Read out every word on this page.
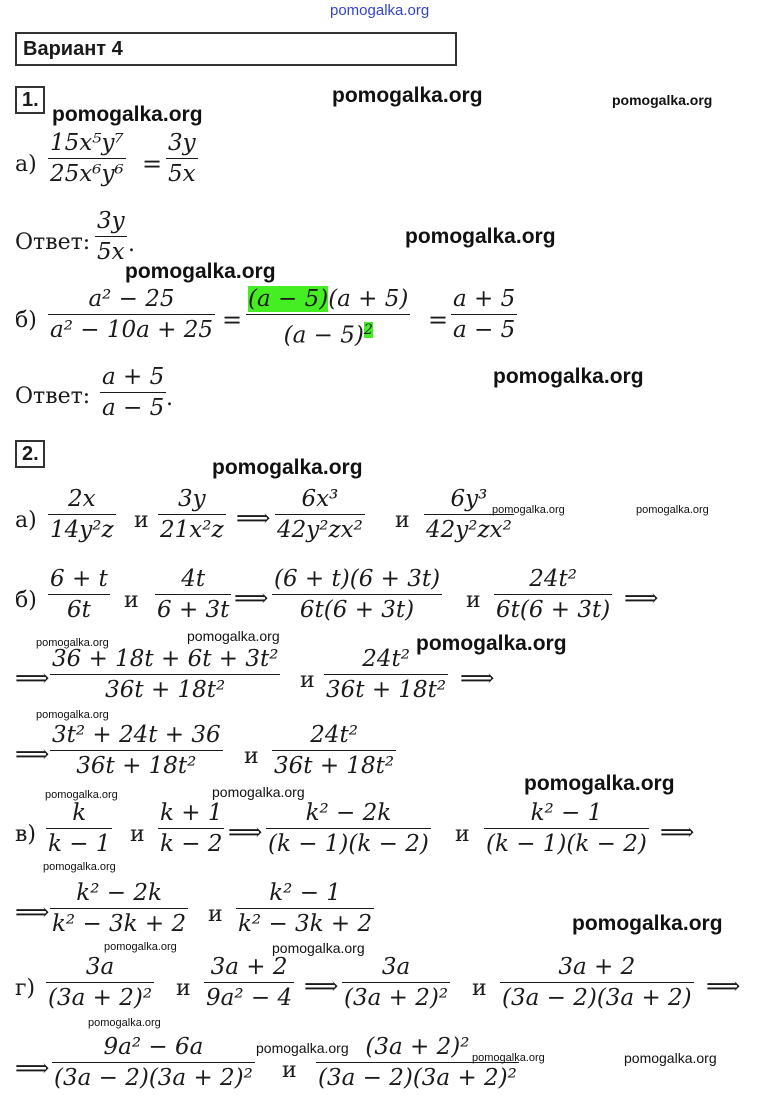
pomogalka.org
pomogalka.org	pomogalka.org
pomogalka.org
pomogalka.org
pomogalka.org
pomogalka.org
pomogalka.org
pomogalka.org	pomogalka.org
pomogalka.org	pomogalka.org	pomogalka.org
pomogalka.org
pomogalka.org
pomogalka.org	pomogalka.org
pomogalka.org
pomogalka.org
pomogalka.org	pomogalka.org
pomogalka.org
pomogalka.org
pomogalka.org	pomogalka.org
Вариант 4
1.
а)
15x⁵y⁷
25x⁶y⁶ =
3y
5x
Ответ:
3y
5x .
б)
a² − 25
a² − 10a + 25 =
(a − 5)(a + 5)
$(a - 5)^2$ =
a + 5
a − 5
Ответ:
a + 5
a − 5 .
2.
а)
2x
14y²z и
3y
21x²z ⟹
6x³
42y²zx² и
6y³
42y²zx²
б)
6 + t
6t и
4t
6 + 3t ⟹
(6 + t)(6 + 3t)
6t(6 + 3t) и
24t²
6t(6 + 3t) ⟹
⟹
36 + 18t + 6t + 3t²
36t + 18t²	и
24t²
36t + 18t² ⟹
⟹
3t² + 24t + 36
36t + 18t² и
24t²
36t + 18t²
в)
k
k − 1 и
k + 1
k − 2 ⟹
k² − 2k
(k − 1)(k − 2) и
k² − 1
(k − 1)(k − 2) ⟹
⟹
k² − 2k
k² − 3k + 2 и
k² − 1
k² − 3k + 2
г)
3a
(3a + 2)² и
3a + 2
9a² − 4 ⟹
3a
(3a + 2)² и
3a + 2
(3a − 2)(3a + 2) ⟹
⟹
9a² − 6a
(3a − 2)(3a + 2)² и
(3a + 2)²
(3a − 2)(3a + 2)²
